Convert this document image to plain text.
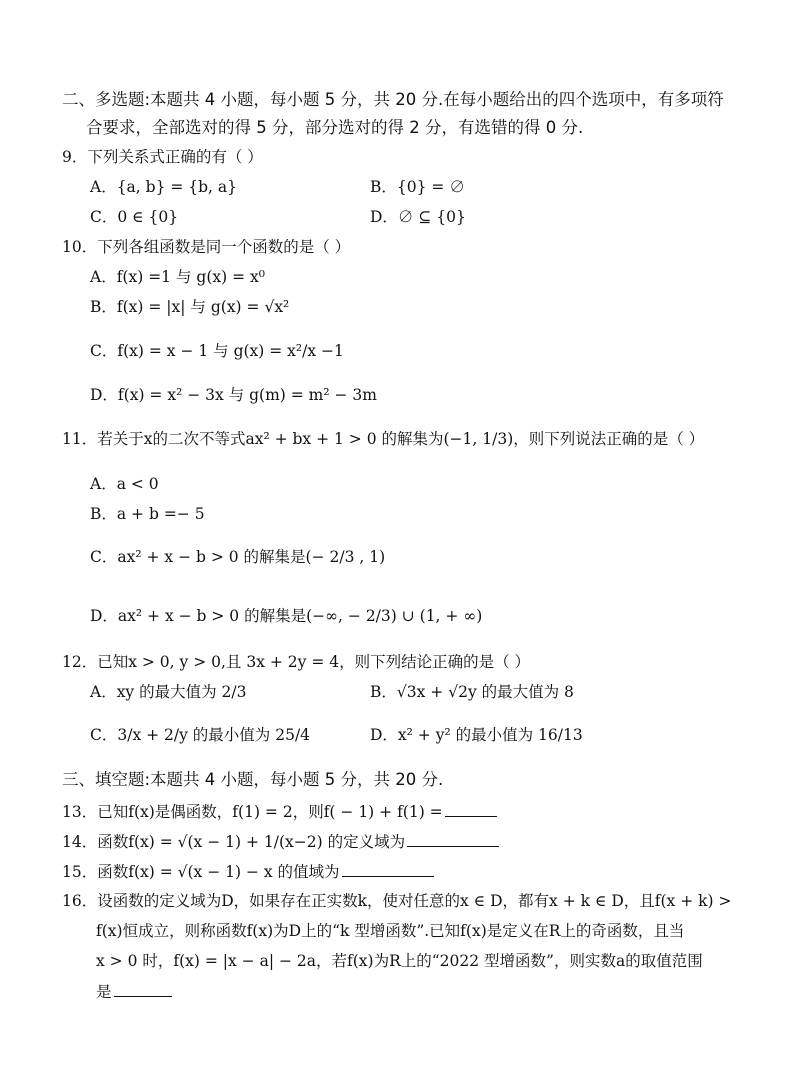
二、多选题:本题共 4 小题，每小题 5 分，共 20 分.在每小题给出的四个选项中，有多项符
合要求，全部选对的得 5 分，部分选对的得 2 分，有选错的得 0 分.
9．下列关系式正确的有（ ）
A．{a, b} = {b, a}	B．{0} = ∅
C．0 ∈ {0}	D．∅ ⊆ {0}
10．下列各组函数是同一个函数的是（ ）
A．f(x) =1 与 g(x) = x⁰
B．f(x) = |x| 与 g(x) = √x²
C．f(x) = x − 1 与 g(x) = x²/x −1
D．f(x) = x² − 3x 与 g(m) = m² − 3m
11．若关于x的二次不等式ax² + bx + 1 > 0 的解集为(−1, 1/3)，则下列说法正确的是（ ）
A．a < 0
B．a + b =− 5
C．ax² + x − b > 0 的解集是(− 2/3 , 1)
D．ax² + x − b > 0 的解集是(−∞, − 2/3) ∪ (1, + ∞)
12．已知x > 0, y > 0,且 3x + 2y = 4，则下列结论正确的是（ ）
A．xy 的最大值为 2/3	B．√3x + √2y 的最大值为 8
C．3/x + 2/y 的最小值为 25/4	D．x² + y² 的最小值为 16/13
三、填空题:本题共 4 小题，每小题 5 分，共 20 分.
13．已知f(x)是偶函数，f(1) = 2，则f( − 1) + f(1) =
14．函数f(x) = √(x − 1) + 1/(x−2) 的定义域为
15．函数f(x) = √(x − 1) − x 的值域为
16．设函数的定义域为D，如果存在正实数k，使对任意的x ∈ D，都有x + k ∈ D，且f(x + k) >
f(x)恒成立，则称函数f(x)为D上的“k 型增函数”.已知f(x)是定义在R上的奇函数，且当
x > 0 时，f(x) = |x − a| − 2a，若f(x)为R上的“2022 型增函数”，则实数a的取值范围
是
